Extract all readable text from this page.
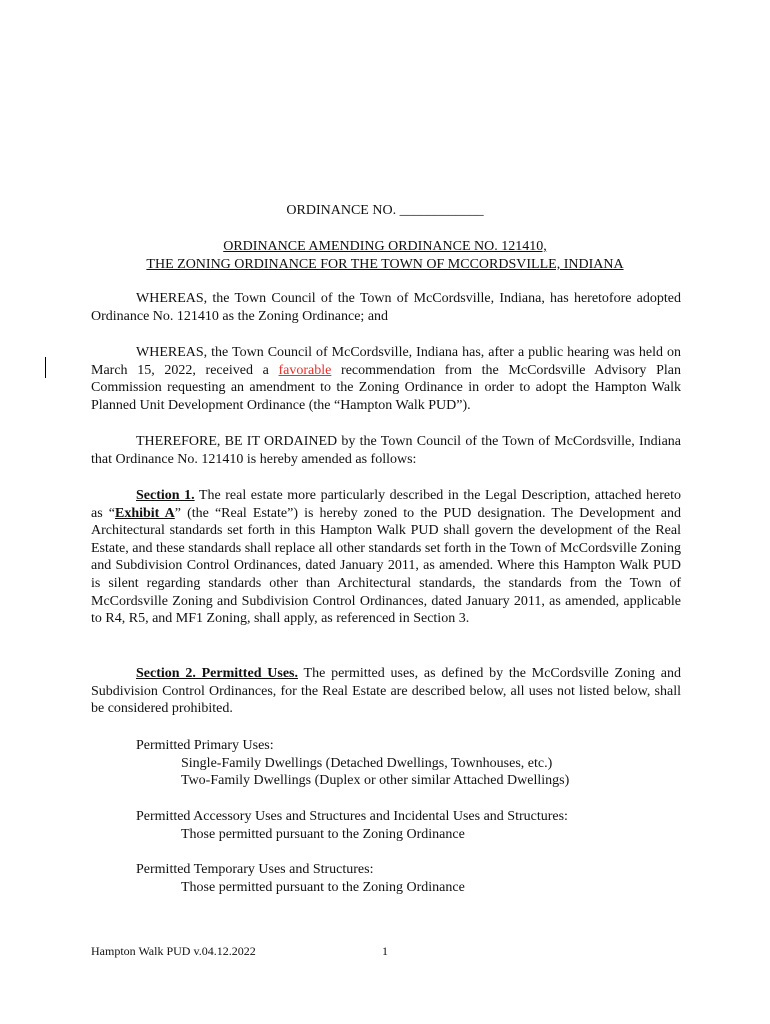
ORDINANCE NO. ____________
ORDINANCE AMENDING ORDINANCE NO. 121410,
THE ZONING ORDINANCE FOR THE TOWN OF MCCORDSVILLE, INDIANA

WHEREAS, the Town Council of the Town of McCordsville, Indiana, has heretofore adopted Ordinance No. 121410 as the Zoning Ordinance; and

WHEREAS, the Town Council of McCordsville, Indiana has, after a public hearing was held on March 15, 2022, received a favorable recommendation from the McCordsville Advisory Plan Commission requesting an amendment to the Zoning Ordinance in order to adopt the Hampton Walk Planned Unit Development Ordinance (the “Hampton Walk PUD”).

THEREFORE, BE IT ORDAINED by the Town Council of the Town of McCordsville, Indiana that Ordinance No. 121410 is hereby amended as follows:

Section 1. The real estate more particularly described in the Legal Description, attached hereto as “Exhibit A” (the “Real Estate”) is hereby zoned to the PUD designation. The Development and Architectural standards set forth in this Hampton Walk PUD shall govern the development of the Real Estate, and these standards shall replace all other standards set forth in the Town of McCordsville Zoning and Subdivision Control Ordinances, dated January 2011, as amended. Where this Hampton Walk PUD is silent regarding standards other than Architectural standards, the standards from the Town of McCordsville Zoning and Subdivision Control Ordinances, dated January 2011, as amended, applicable to R4, R5, and MF1 Zoning, shall apply, as referenced in Section 3.

Section 2. Permitted Uses. The permitted uses, as defined by the McCordsville Zoning and Subdivision Control Ordinances, for the Real Estate are described below, all uses not listed below, shall be considered prohibited.

Permitted Primary Uses:
Single-Family Dwellings (Detached Dwellings, Townhouses, etc.)
Two-Family Dwellings (Duplex or other similar Attached Dwellings)
Permitted Accessory Uses and Structures and Incidental Uses and Structures:
Those permitted pursuant to the Zoning Ordinance
Permitted Temporary Uses and Structures:
Those permitted pursuant to the Zoning Ordinance
Hampton Walk PUD v.04.12.2022	1
